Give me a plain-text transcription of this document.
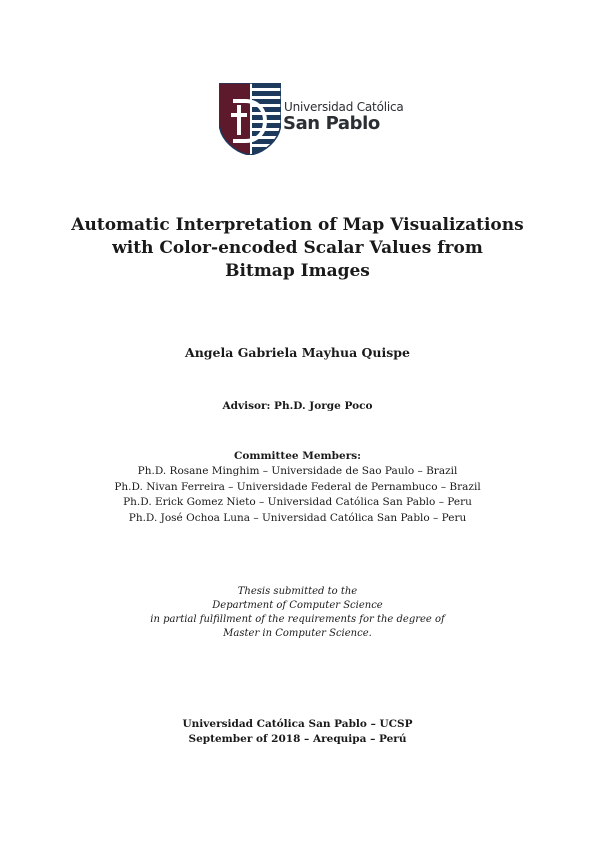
Universidad Católica
San Pablo
Automatic Interpretation of Map Visualizations
with Color-encoded Scalar Values from
Bitmap Images
Angela Gabriela Mayhua Quispe
Advisor: Ph.D. Jorge Poco
Committee Members:
Ph.D. Rosane Minghim – Universidade de Sao Paulo – Brazil
Ph.D. Nivan Ferreira – Universidade Federal de Pernambuco – Brazil
Ph.D. Erick Gomez Nieto – Universidad Católica San Pablo – Peru
Ph.D. José Ochoa Luna – Universidad Católica San Pablo – Peru
Thesis submitted to the
Department of Computer Science
in partial fulfillment of the requirements for the degree of
Master in Computer Science.
Universidad Católica San Pablo – UCSP
September of 2018 – Arequipa – Perú
